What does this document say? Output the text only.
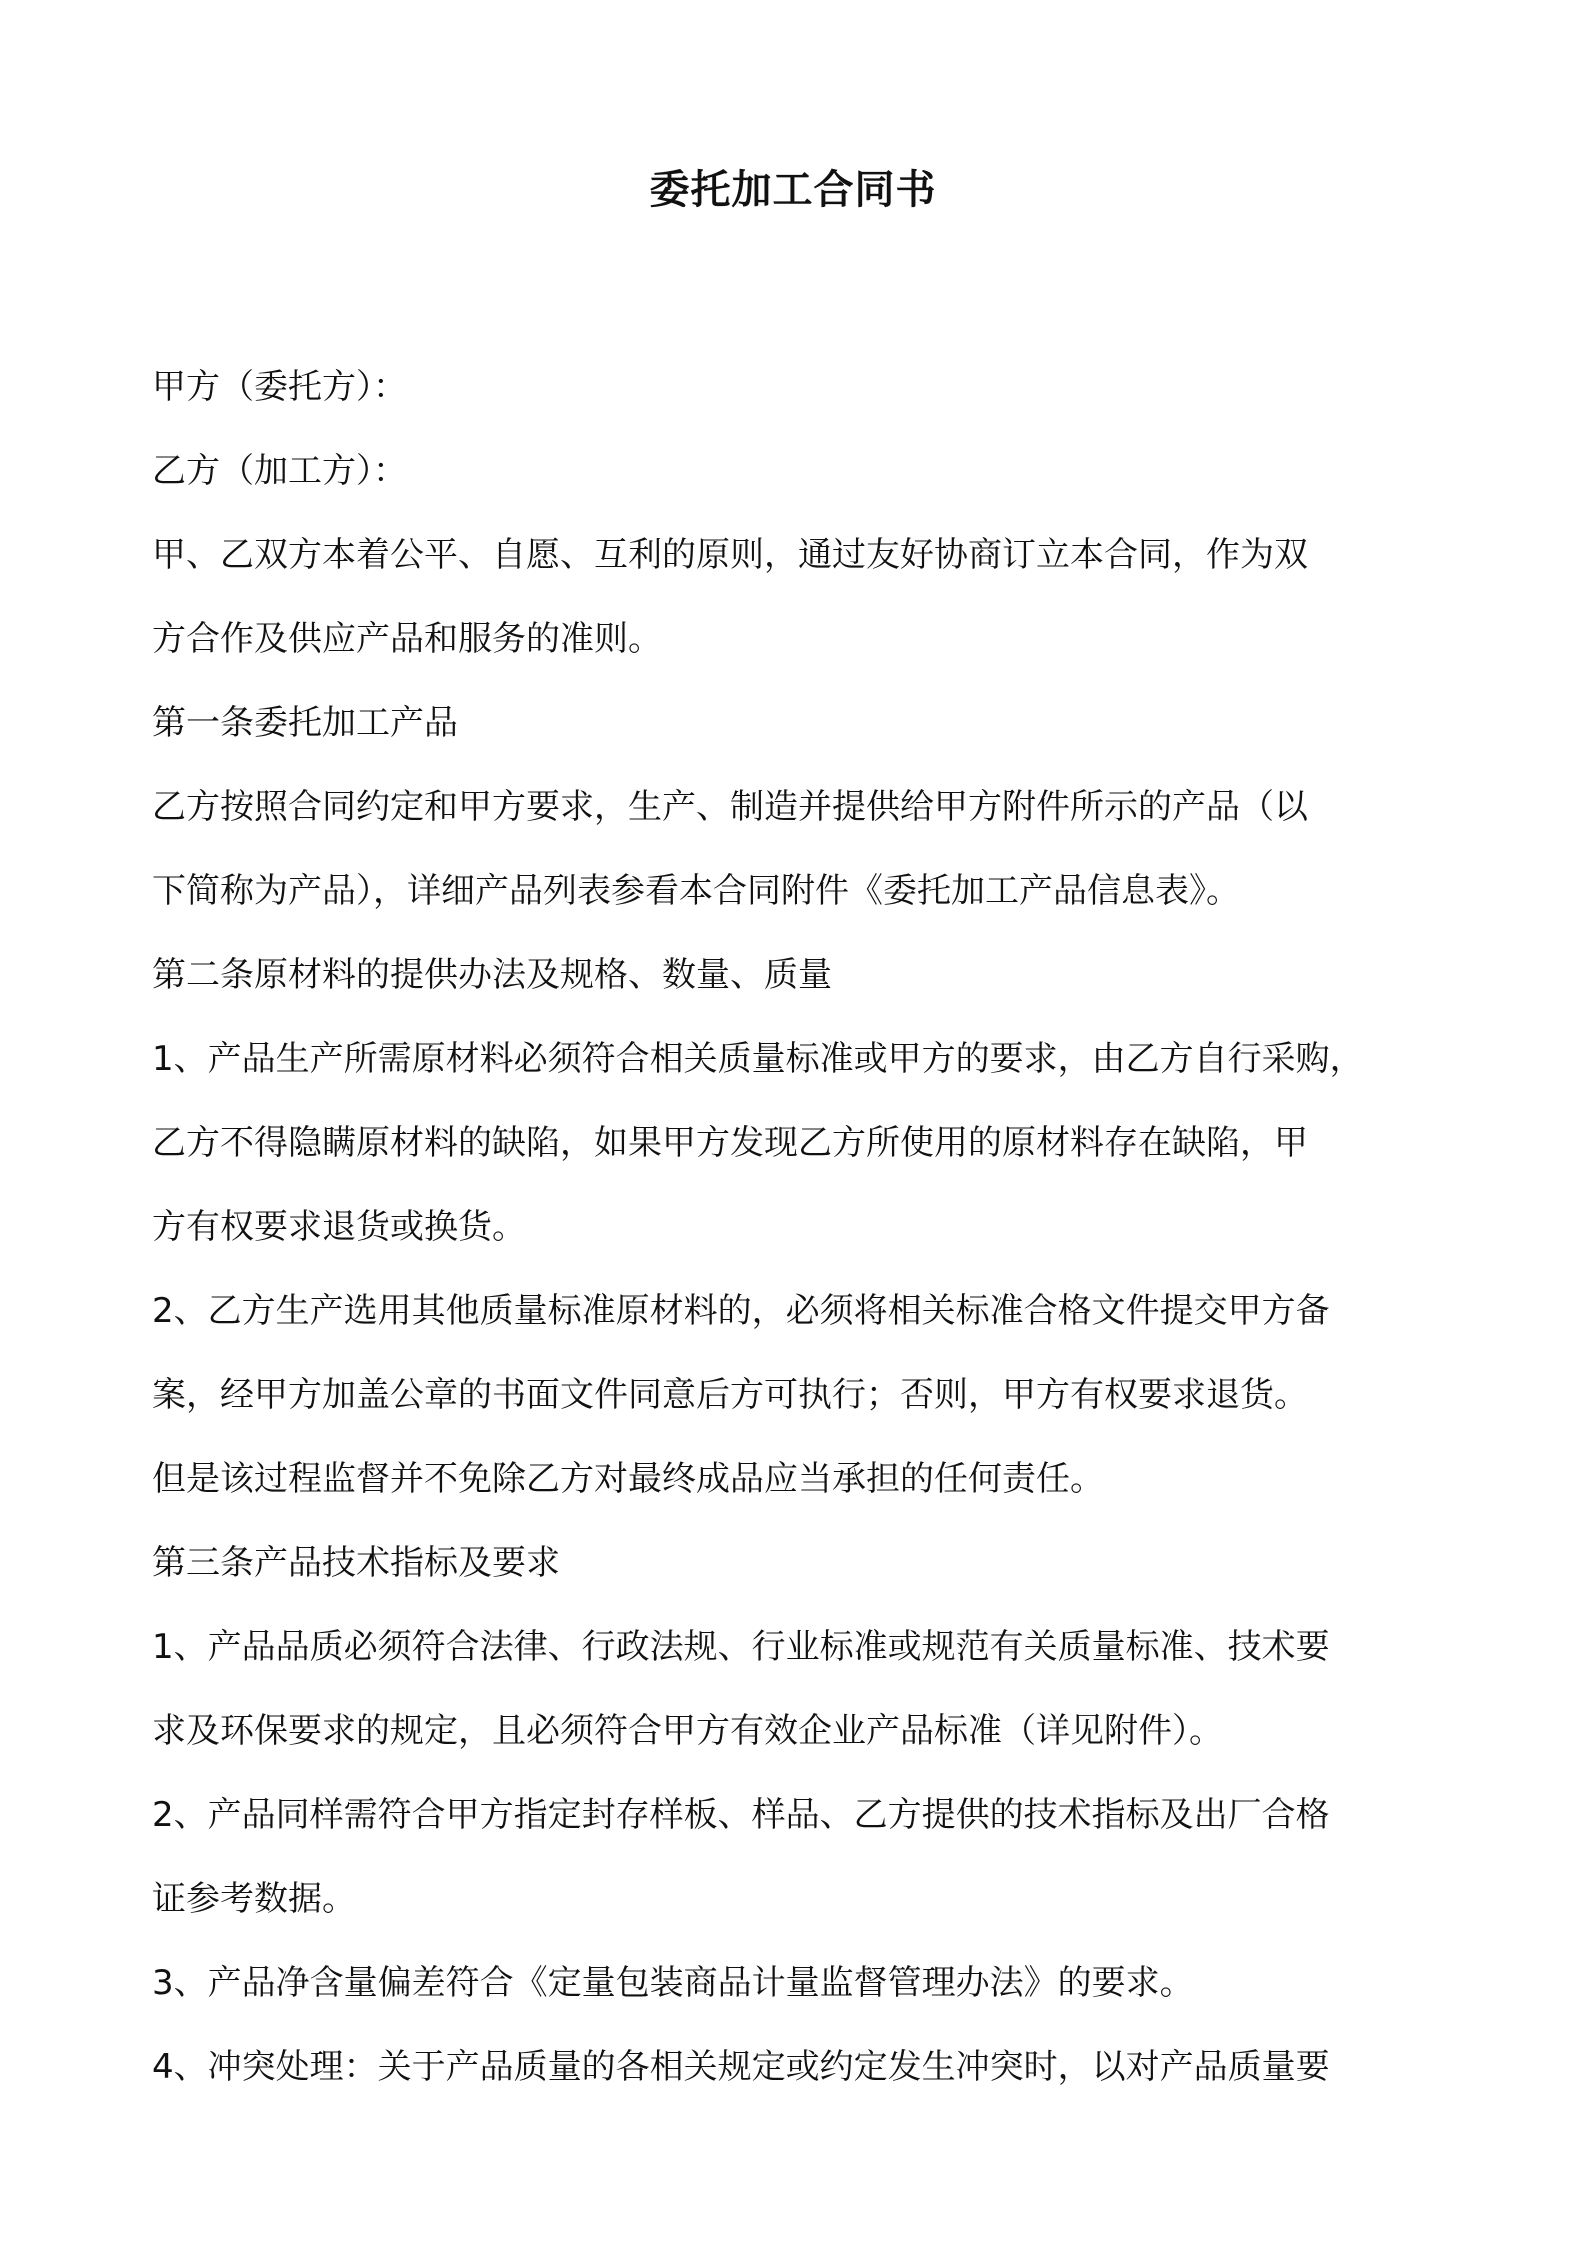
委托加工合同书
甲方（委托方）：
乙方（加工方）：
甲、乙双方本着公平、自愿、互利的原则，通过友好协商订立本合同，作为双
方合作及供应产品和服务的准则。
第一条委托加工产品
乙方按照合同约定和甲方要求，生产、制造并提供给甲方附件所示的产品（以
下简称为产品），详细产品列表参看本合同附件《委托加工产品信息表》。
第二条原材料的提供办法及规格、数量、质量
1、产品生产所需原材料必须符合相关质量标准或甲方的要求，由乙方自行采购，
乙方不得隐瞒原材料的缺陷，如果甲方发现乙方所使用的原材料存在缺陷，甲
方有权要求退货或换货。
2、乙方生产选用其他质量标准原材料的，必须将相关标准合格文件提交甲方备
案，经甲方加盖公章的书面文件同意后方可执行；否则，甲方有权要求退货。
但是该过程监督并不免除乙方对最终成品应当承担的任何责任。
第三条产品技术指标及要求
1、产品品质必须符合法律、行政法规、行业标准或规范有关质量标准、技术要
求及环保要求的规定，且必须符合甲方有效企业产品标准（详见附件）。
2、产品同样需符合甲方指定封存样板、样品、乙方提供的技术指标及出厂合格
证参考数据。
3、产品净含量偏差符合《定量包装商品计量监督管理办法》的要求。
4、冲突处理：关于产品质量的各相关规定或约定发生冲突时，以对产品质量要
